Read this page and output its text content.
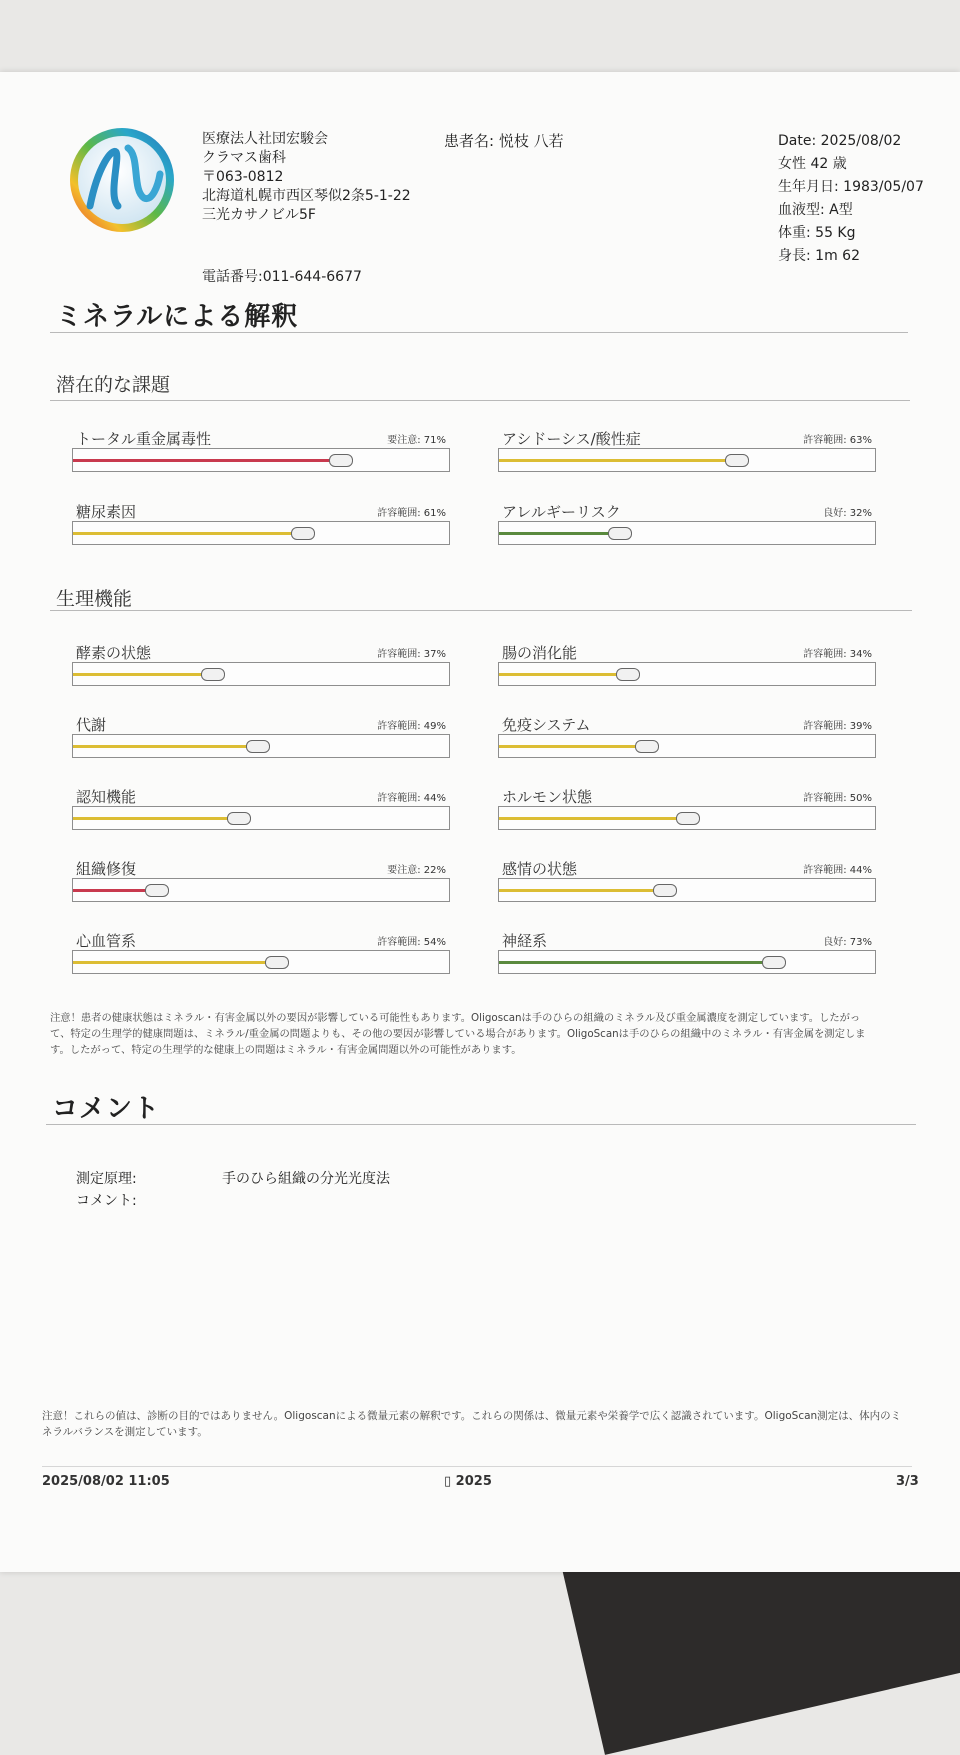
医療法人社団宏駿会
クラマス歯科
〒063-0812
北海道札幌市西区琴似2条5-1-22
三光カサノビル5F
電話番号:011-644-6677
患者名: 悦枝 八若	Date: 2025/08/02
女性 42 歳
生年月日: 1983/05/07
血液型: A型
体重: 55 Kg
身長: 1m 62
ミネラルによる解釈
潜在的な課題
トータル重金属毒性	要注意: 71%	アシドーシス/酸性症	許容範囲: 63%
糖尿素因	許容範囲: 61%	アレルギーリスク	良好: 32%
生理機能
酵素の状態	許容範囲: 37%	腸の消化能	許容範囲: 34%
代謝	許容範囲: 49%	免疫システム	許容範囲: 39%
認知機能	許容範囲: 44%	ホルモン状態	許容範囲: 50%
組織修復	要注意: 22%	感情の状態	許容範囲: 44%
心血管系	許容範囲: 54%	神経系	良好: 73%
注意！患者の健康状態はミネラル・有害金属以外の要因が影響している可能性もあります。Oligoscanは手のひらの組織のミネラル及び重金属濃度を測定しています。したがって、特定の生理学的健康問題は、ミネラル/重金属の問題よりも、その他の要因が影響している場合があります。OligoScanは手のひらの組織中のミネラル・有害金属を測定します。したがって、特定の生理学的な健康上の問題はミネラル・有害金属問題以外の可能性があります。
コメント
測定原理:	手のひら組織の分光光度法
コメント:
注意！これらの値は、診断の目的ではありません。Oligoscanによる微量元素の解釈です。これらの関係は、微量元素や栄養学で広く認識されています。OligoScan測定は、体内のミネラルバランスを測定しています。
2025/08/02 11:05	▯ 2025	3/3
